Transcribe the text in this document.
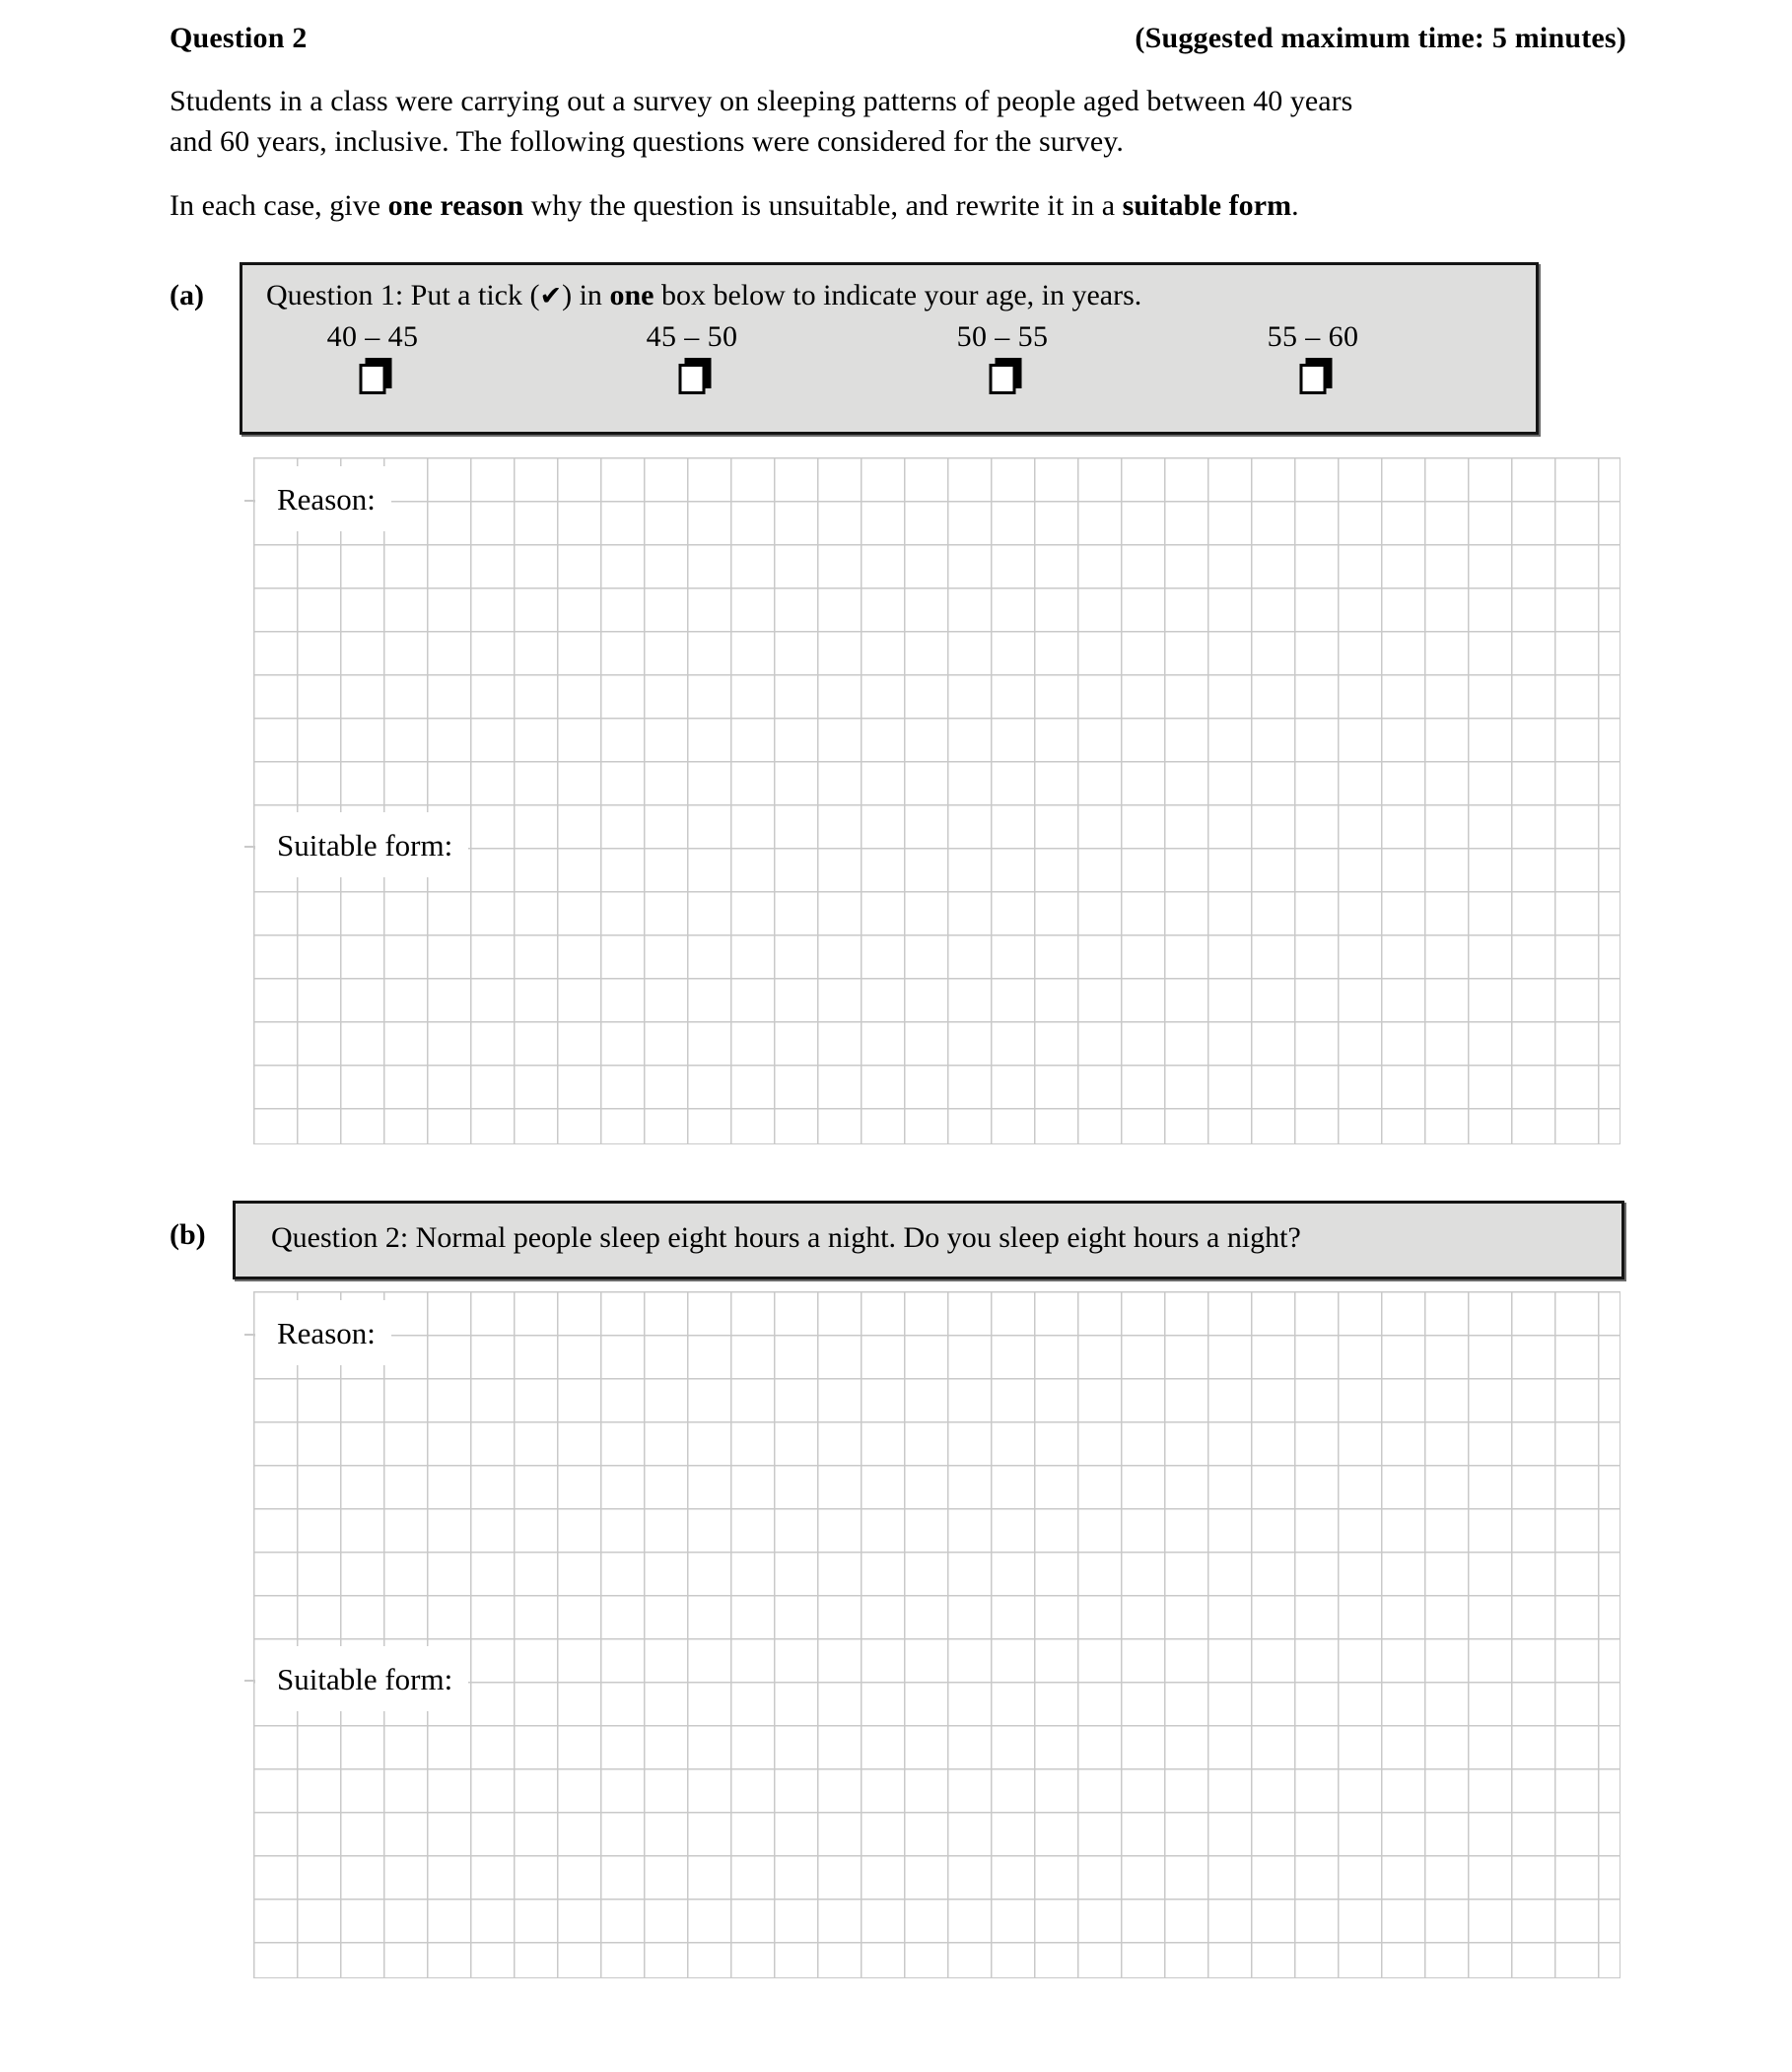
Question 2	(Suggested maximum time: 5 minutes)
Students in a class were carrying out a survey on sleeping patterns of people aged between 40 years
and 60 years, inclusive. The following questions were considered for the survey.
In each case, give one reason why the question is unsuitable, and rewrite it in a suitable form.
(a) Question 1: Put a tick (✔) in one box below to indicate your age, in years.
40 – 45	45 – 50	50 – 55	55 – 60
Reason:
Suitable form:
(b) Question 2: Normal people sleep eight hours a night. Do you sleep eight hours a night?
Reason:
Suitable form:
